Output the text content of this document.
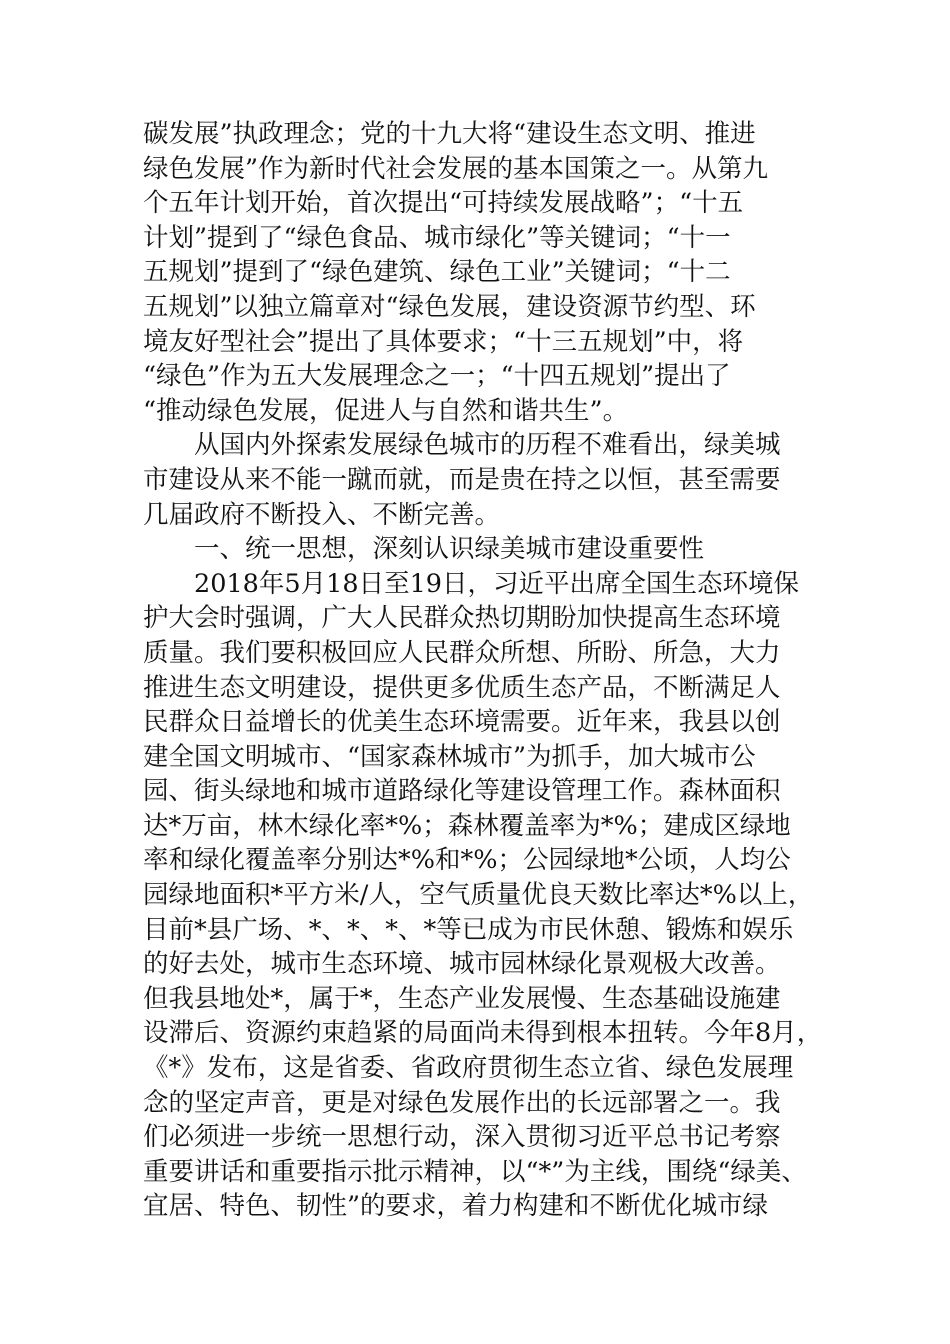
碳发展”执政理念；党的十九大将“建设生态文明、推进
绿色发展”作为新时代社会发展的基本国策之一。从第九
个五年计划开始，首次提出“可持续发展战略”；“十五
计划”提到了“绿色食品、城市绿化”等关键词；“十一
五规划”提到了“绿色建筑、绿色工业”关键词；“十二
五规划”以独立篇章对“绿色发展，建设资源节约型、环
境友好型社会”提出了具体要求；“十三五规划”中，将
“绿色”作为五大发展理念之一；“十四五规划”提出了
“推动绿色发展，促进人与自然和谐共生”。
从国内外探索发展绿色城市的历程不难看出，绿美城
市建设从来不能一蹴而就，而是贵在持之以恒，甚至需要
几届政府不断投入、不断完善。
一、统一思想，深刻认识绿美城市建设重要性
2018年5月18日至19日，习近平出席全国生态环境保
护大会时强调，广大人民群众热切期盼加快提高生态环境
质量。我们要积极回应人民群众所想、所盼、所急，大力
推进生态文明建设，提供更多优质生态产品，不断满足人
民群众日益增长的优美生态环境需要。近年来，我县以创
建全国文明城市、“国家森林城市”为抓手，加大城市公
园、街头绿地和城市道路绿化等建设管理工作。森林面积
达*万亩，林木绿化率*%；森林覆盖率为*%；建成区绿地
率和绿化覆盖率分别达*%和*%；公园绿地*公顷，人均公
园绿地面积*平方米/人，空气质量优良天数比率达*%以上，
目前*县广场、*、*、*、*等已成为市民休憩、锻炼和娱乐
的好去处，城市生态环境、城市园林绿化景观极大改善。
但我县地处*，属于*，生态产业发展慢、生态基础设施建
设滞后、资源约束趋紧的局面尚未得到根本扭转。今年8月，
《*》发布，这是省委、省政府贯彻生态立省、绿色发展理
念的坚定声音，更是对绿色发展作出的长远部署之一。我
们必须进一步统一思想行动，深入贯彻习近平总书记考察
重要讲话和重要指示批示精神，以“*”为主线，围绕“绿美、
宜居、特色、韧性”的要求，着力构建和不断优化城市绿
